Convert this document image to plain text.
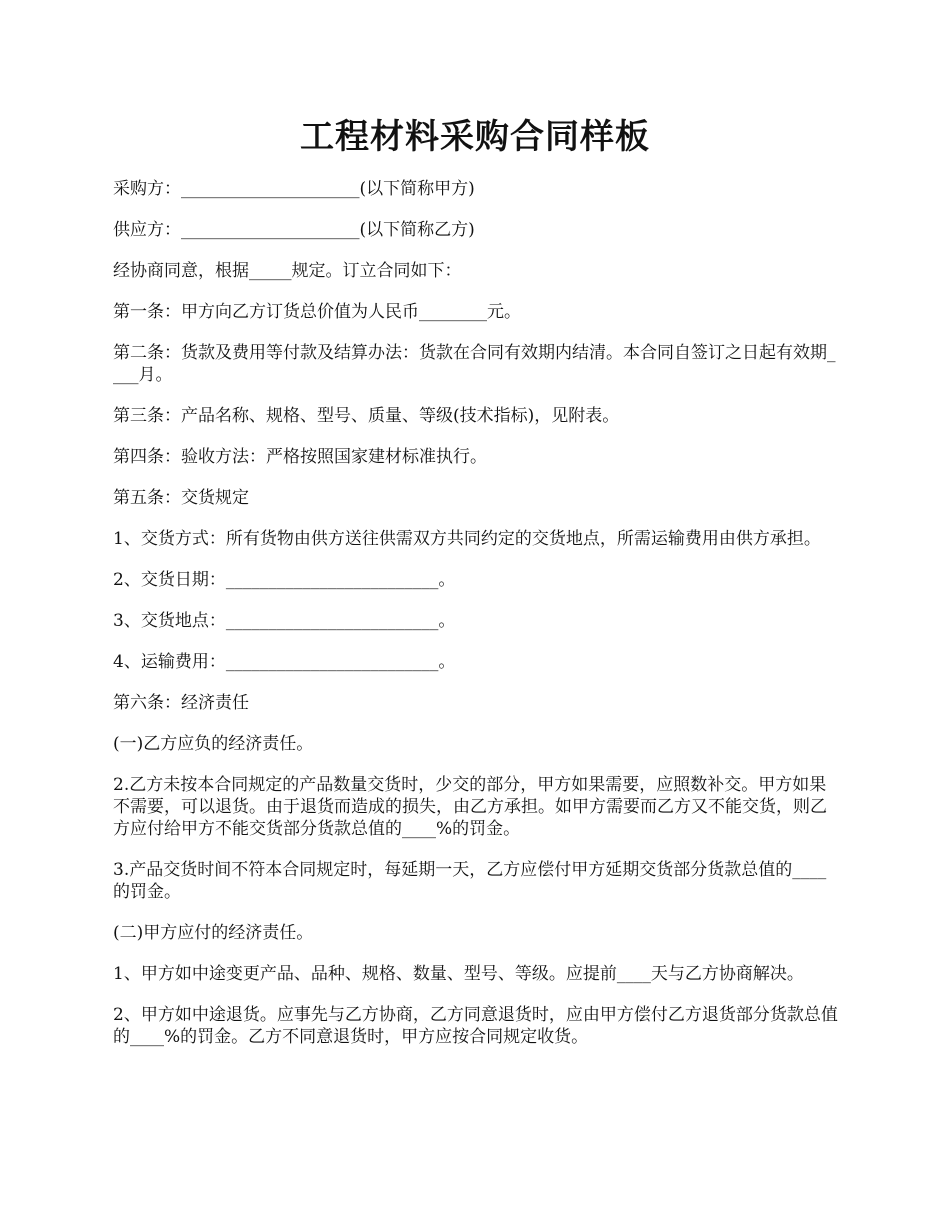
工程材料采购合同样板

采购方：_____________________(以下简称甲方)

供应方：_____________________(以下简称乙方)

经协商同意，根据_____规定。订立合同如下：

第一条：甲方向乙方订货总价值为人民币________元。

第二条：货款及费用等付款及结算办法：货款在合同有效期内结清。本合同自签订之日起有效期____月。

第三条：产品名称、规格、型号、质量、等级(技术指标)，见附表。

第四条：验收方法：严格按照国家建材标准执行。

第五条：交货规定

1、交货方式：所有货物由供方送往供需双方共同约定的交货地点，所需运输费用由供方承担。

2、交货日期：_________________________。

3、交货地点：_________________________。

4、运输费用：_________________________。

第六条：经济责任

(一)乙方应负的经济责任。

2.乙方未按本合同规定的产品数量交货时，少交的部分，甲方如果需要，应照数补交。甲方如果不需要，可以退货。由于退货而造成的损失，由乙方承担。如甲方需要而乙方又不能交货，则乙方应付给甲方不能交货部分货款总值的____%的罚金。

3.产品交货时间不符本合同规定时，每延期一天，乙方应偿付甲方延期交货部分货款总值的____的罚金。

(二)甲方应付的经济责任。

1、甲方如中途变更产品、品种、规格、数量、型号、等级。应提前____天与乙方协商解决。

2、甲方如中途退货。应事先与乙方协商，乙方同意退货时，应由甲方偿付乙方退货部分货款总值的____%的罚金。乙方不同意退货时，甲方应按合同规定收货。
